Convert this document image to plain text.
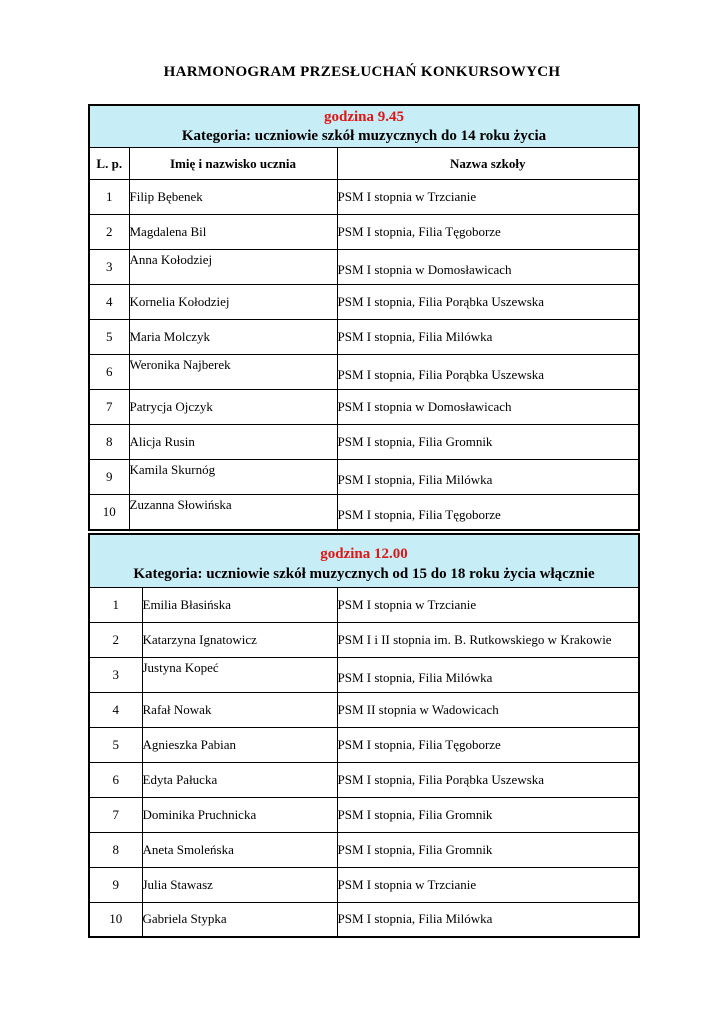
HARMONOGRAM PRZESŁUCHAŃ KONKURSOWYCH
godzina 9.45
Kategoria: uczniowie szkół muzycznych do 14 roku życia		

L. p.	Imię i nazwisko ucznia	Nazwa szkoły
1	Filip Bębenek	PSM I stopnia w Trzcianie
2	Magdalena Bil	PSM I stopnia, Filia Tęgoborze
3	Anna Kołodziej	PSM I stopnia w Domosławicach
4	Kornelia Kołodziej	PSM I stopnia, Filia Porąbka Uszewska
5	Maria Molczyk	PSM I stopnia, Filia Milówka
6	Weronika Najberek	PSM I stopnia, Filia Porąbka Uszewska
7	Patrycja Ojczyk	PSM I stopnia w Domosławicach
8	Alicja Rusin	PSM I stopnia, Filia Gromnik
9	Kamila Skurnóg	PSM I stopnia, Filia Milówka
10	Zuzanna Słowińska	PSM I stopnia, Filia Tęgoborze
godzina 12.00
Kategoria: uczniowie szkół muzycznych od 15 do 18 roku życia włącznie		

1	Emilia Błasińska	PSM I stopnia w Trzcianie
2	Katarzyna Ignatowicz	PSM I i II stopnia im. B. Rutkowskiego w Krakowie
3	Justyna Kopeć	PSM I stopnia, Filia Milówka
4	Rafał Nowak	PSM II stopnia w Wadowicach
5	Agnieszka Pabian	PSM I stopnia, Filia Tęgoborze
6	Edyta Pałucka	PSM I stopnia, Filia Porąbka Uszewska
7	Dominika Pruchnicka	PSM I stopnia, Filia Gromnik
8	Aneta Smoleńska	PSM I stopnia, Filia Gromnik
9	Julia Stawasz	PSM I stopnia w Trzcianie
10	Gabriela Stypka	PSM I stopnia, Filia Milówka
